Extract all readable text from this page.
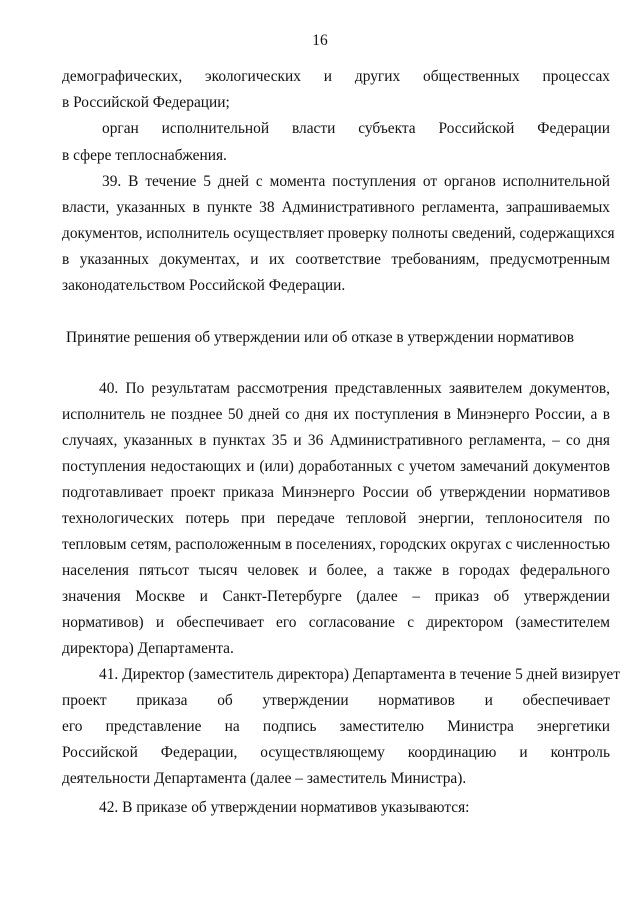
16
демографических, экологических и других общественных процессах
в Российской Федерации;
орган исполнительной власти субъекта Российской Федерации
в сфере теплоснабжения.
39. В течение 5 дней с момента поступления от органов исполнительной
власти, указанных в пункте 38 Административного регламента, запрашиваемых
документов, исполнитель осуществляет проверку полноты сведений, содержащихся
в указанных документах, и их соответствие требованиям, предусмотренным
законодательством Российской Федерации.
Принятие решения об утверждении или об отказе в утверждении нормативов
40. По результатам рассмотрения представленных заявителем документов,
исполнитель не позднее 50 дней со дня их поступления в Минэнерго России, а в
случаях, указанных в пунктах 35 и 36 Административного регламента, – со дня
поступления недостающих и (или) доработанных с учетом замечаний документов
подготавливает проект приказа Минэнерго России об утверждении нормативов
технологических потерь при передаче тепловой энергии, теплоносителя по
тепловым сетям, расположенным в поселениях, городских округах с численностью
населения пятьсот тысяч человек и более, а также в городах федерального
значения Москве и Санкт-Петербурге (далее – приказ об утверждении
нормативов) и обеспечивает его согласование с директором (заместителем
директора) Департамента.
41. Директор (заместитель директора) Департамента в течение 5 дней визирует
проект приказа об утверждении нормативов и обеспечивает
его представление на подпись заместителю Министра энергетики
Российской Федерации, осуществляющему координацию и контроль
деятельности Департамента (далее – заместитель Министра).
42. В приказе об утверждении нормативов указываются:
